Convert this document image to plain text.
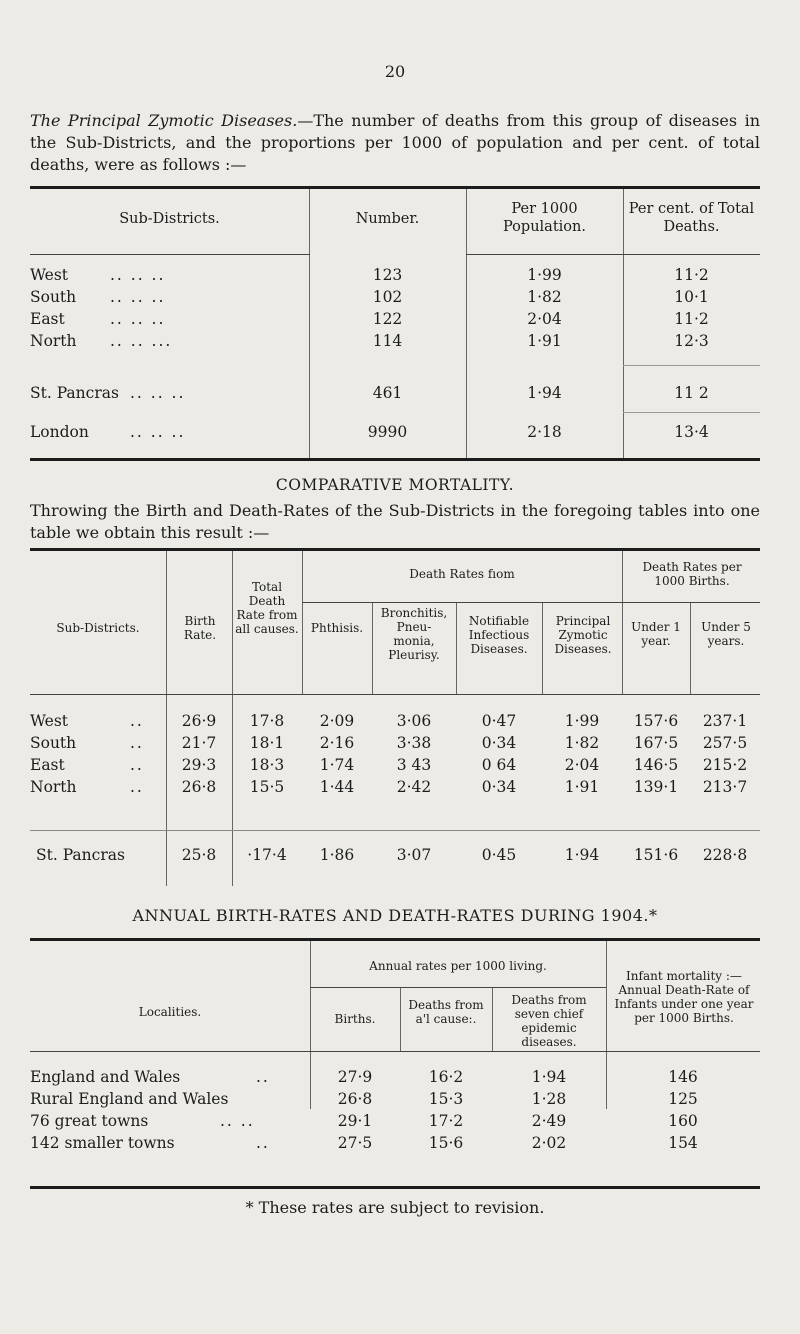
20
The Principal Zymotic Diseases.—The number of deaths from this group of diseases in the Sub-Districts, and the proportions per 1000 of population and per cent. of total deaths, were as follows :—
Sub-Districts.	Number.
Per 1000 Population.
Per cent. of Total Deaths.
West	.. .. ..	123	1·99	11·2
South .. .. ..	102	1·82	10·1
East	.. .. ..	122	2·04	11·2
North .. .. ...	114	1·91	12·3
St. Pancras .. .. ..	461	1·94	11 2
London	.. .. ..	9990	2·18	13·4
COMPARATIVE MORTALITY.
Throwing the Birth and Death-Rates of the Sub-Districts in the foregoing tables into one table we obtain this result :—
Sub-Districts.	Birth Rate.
Total Death Rate from all causes.
Death Rates fıom
Phthisis.
Bronchitis, Pneu- monia, Pleurisy.
Notifiable Infectious Diseases.
Principal Zymotic Diseases.
Death Rates per 1000 Births.
Under 1 year.
Under 5 years.
West	..	26·9	17·8	2·09	3·06	0·47	1·99	157·6	237·1
South	..	21·7	18·1	2·16	3·38	0·34	1·82	167·5	257·5
East	..	29·3	18·3	1·74	3 43	0 64	2·04	146·5	215·2
North	..	26·8	15·5	1·44	2·42	0·34	1·91	139·1	213·7
St. Pancras	25·8	·17·4	1·86	3·07	0·45	1·94	151·6	228·8
ANNUAL BIRTH-RATES AND DEATH-RATES DURING 1904.*
Localities.
Annual rates per 1000 living.
Births.
Deaths from a'l cause:.
Deaths from seven chief epidemic diseases.
Infant mortality :— Annual Death-Rate of Infants under one year per 1000 Births.
England and Wales	..	27·9	16·2	1·94	146
Rural England and Wales	26·8	15·3	1·28	125
76 great towns	.. ..	29·1	17·2	2·49	160
142 smaller towns	..	27·5	15·6	2·02	154
* These rates are subject to revision.
